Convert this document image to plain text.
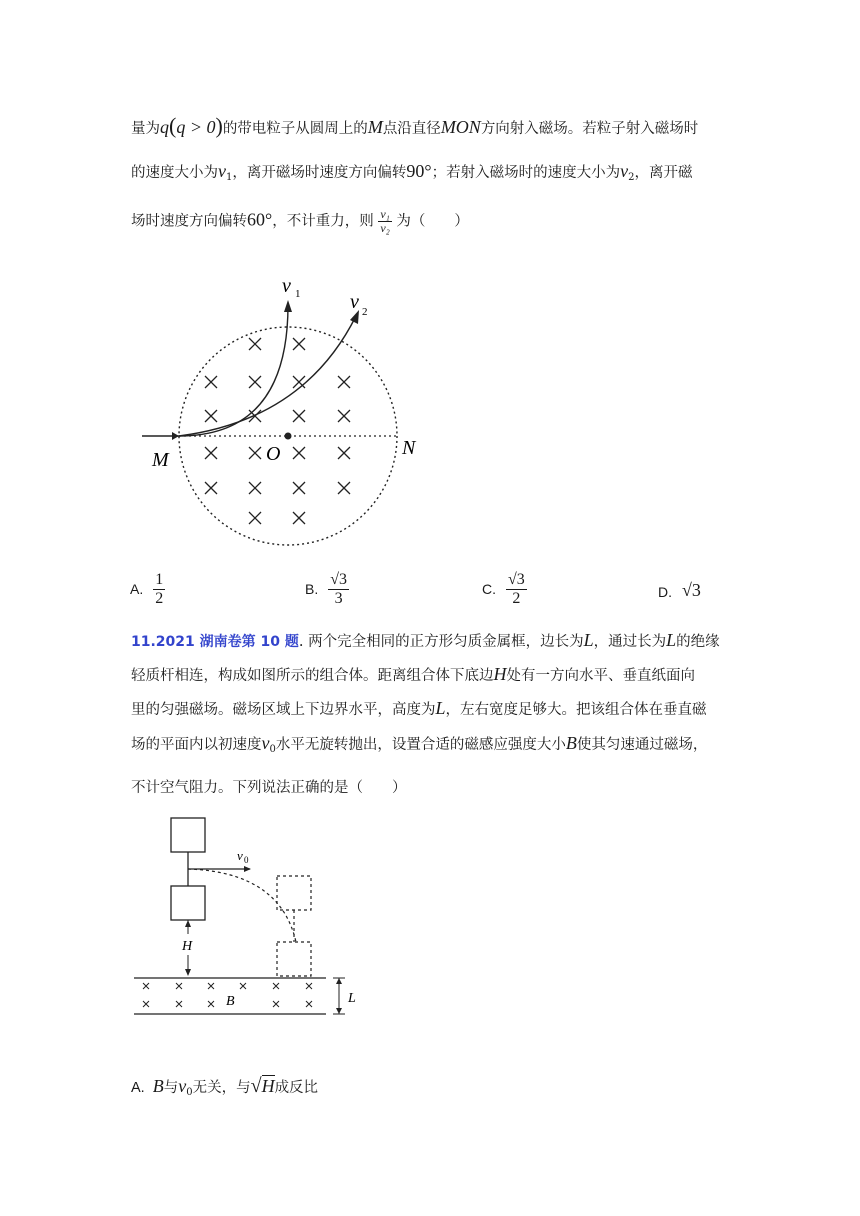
量为q(q > 0)的带电粒子从圆周上的M点沿直径MON方向射入磁场。若粒子射入磁场时
的速度大小为$v_1$，离开磁场时速度方向偏转90°；若射入磁场时的速度大小为$v_2$，离开磁
场时速度方向偏转60°，不计重力，则 $\frac{\text{v₁}}{\text{v₂}}$ 为（　　）
v 1 v 2
M	O	N
A. $\frac{1}{2}$	B. $\frac{√3}{3}$	C. $\frac{√3}{2}$	D. √3
11.2021 湖南卷第 10 题. 两个完全相同的正方形匀质金属框，边长为L，通过长为L的绝缘
轻质杆相连，构成如图所示的组合体。距离组合体下底边H处有一方向水平、垂直纸面向
里的匀强磁场。磁场区域上下边界水平，高度为L，左右宽度足够大。把该组合体在垂直磁
场的平面内以初速度$v_0$水平无旋转抛出，设置合适的磁感应强度大小B使其匀速通过磁场，
不计空气阻力。下列说法正确的是（　　）
v 0
H
B	L
A. B与$v_0$无关，与√H成反比
